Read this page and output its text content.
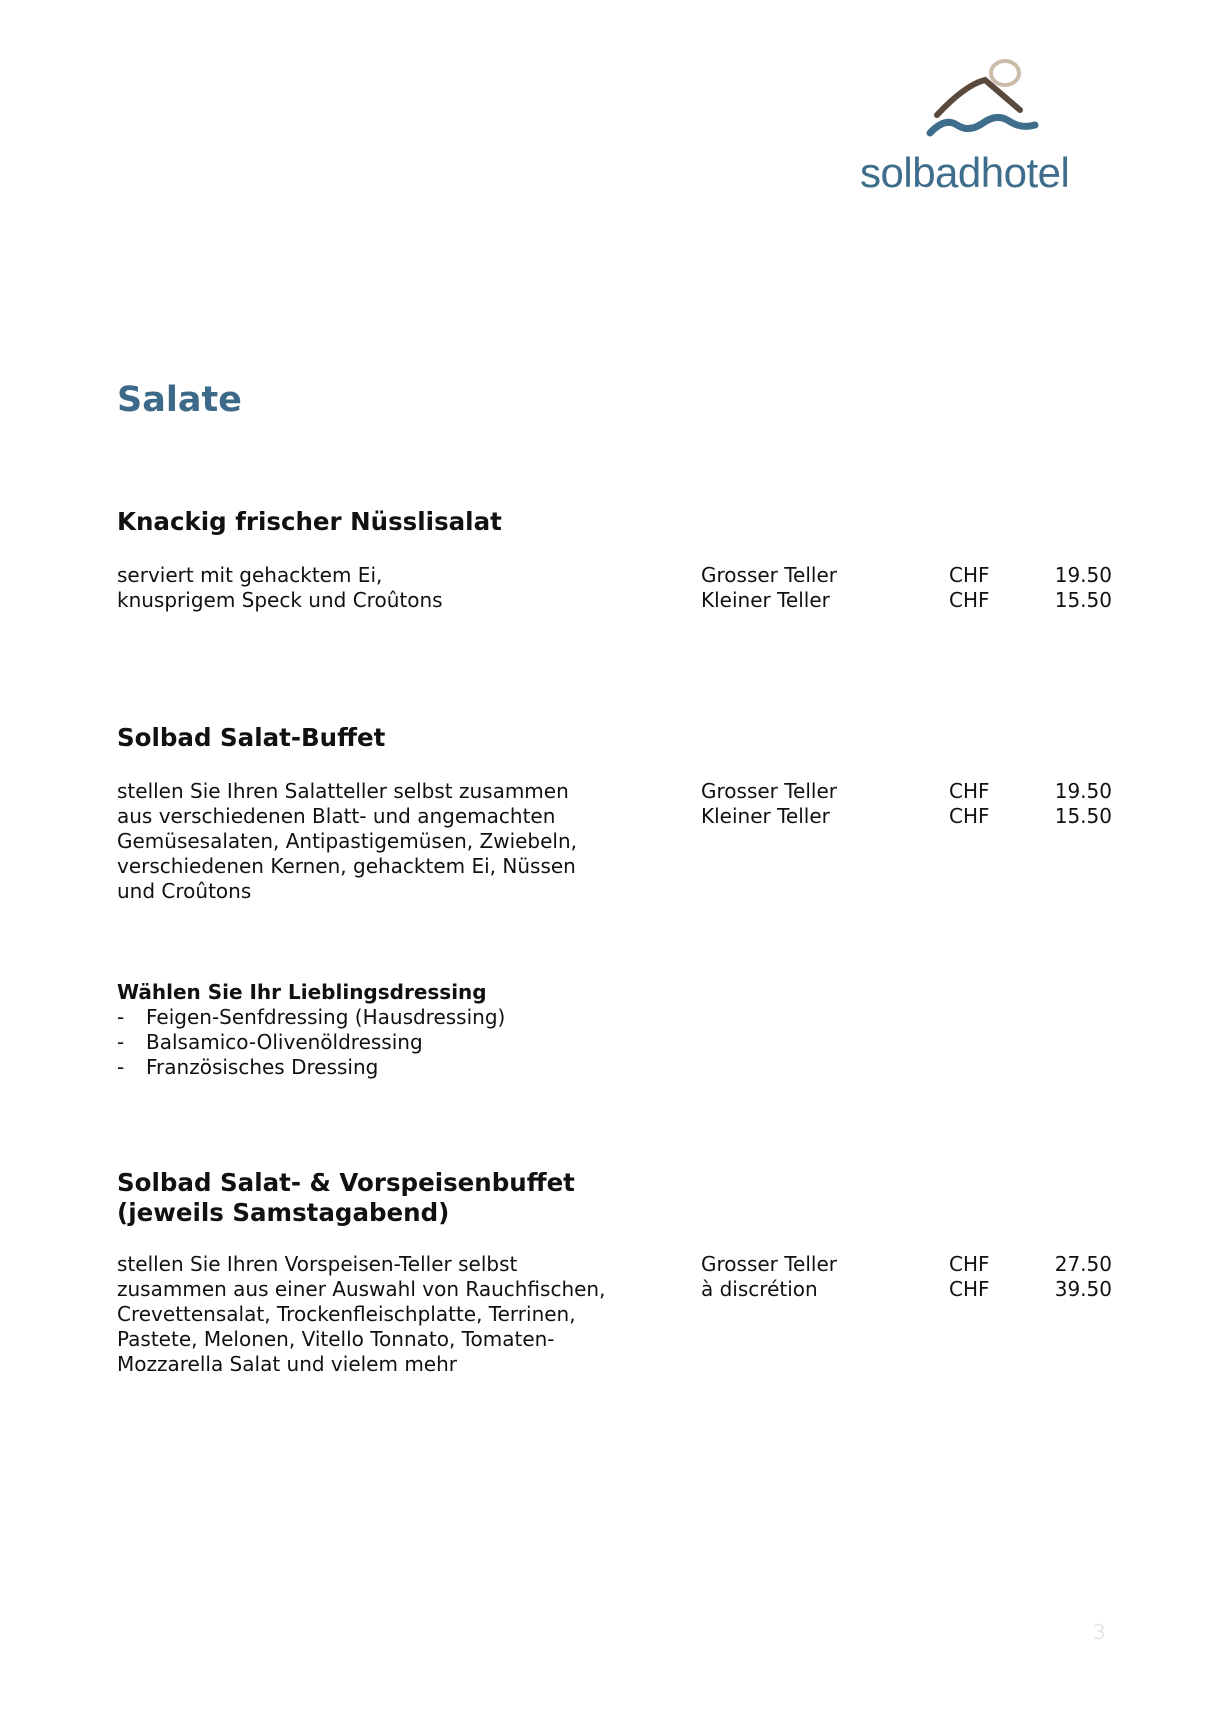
solbadhotel
Salate
Knackig frischer Nüsslisalat
serviert mit gehacktem Ei,
knusprigem Speck und Croûtons
Grosser Teller	CHF	19.50
Kleiner Teller	CHF	15.50
Solbad Salat-Buffet
stellen Sie Ihren Salatteller selbst zusammen
aus verschiedenen Blatt- und angemachten
Gemüsesalaten, Antipastigemüsen, Zwiebeln,
verschiedenen Kernen, gehacktem Ei, Nüssen
und Croûtons
Grosser Teller	CHF	19.50
Kleiner Teller	CHF	15.50
Wählen Sie Ihr Lieblingsdressing
- Feigen-Senfdressing (Hausdressing)
- Balsamico-Olivenöldressing
- Französisches Dressing
Solbad Salat- & Vorspeisenbuffet
(jeweils Samstagabend)
stellen Sie Ihren Vorspeisen-Teller selbst
zusammen aus einer Auswahl von Rauchfischen,
Crevettensalat, Trockenfleischplatte, Terrinen,
Pastete, Melonen, Vitello Tonnato, Tomaten-
Mozzarella Salat und vielem mehr
Grosser Teller	CHF	27.50
à discrétion	CHF	39.50
3
